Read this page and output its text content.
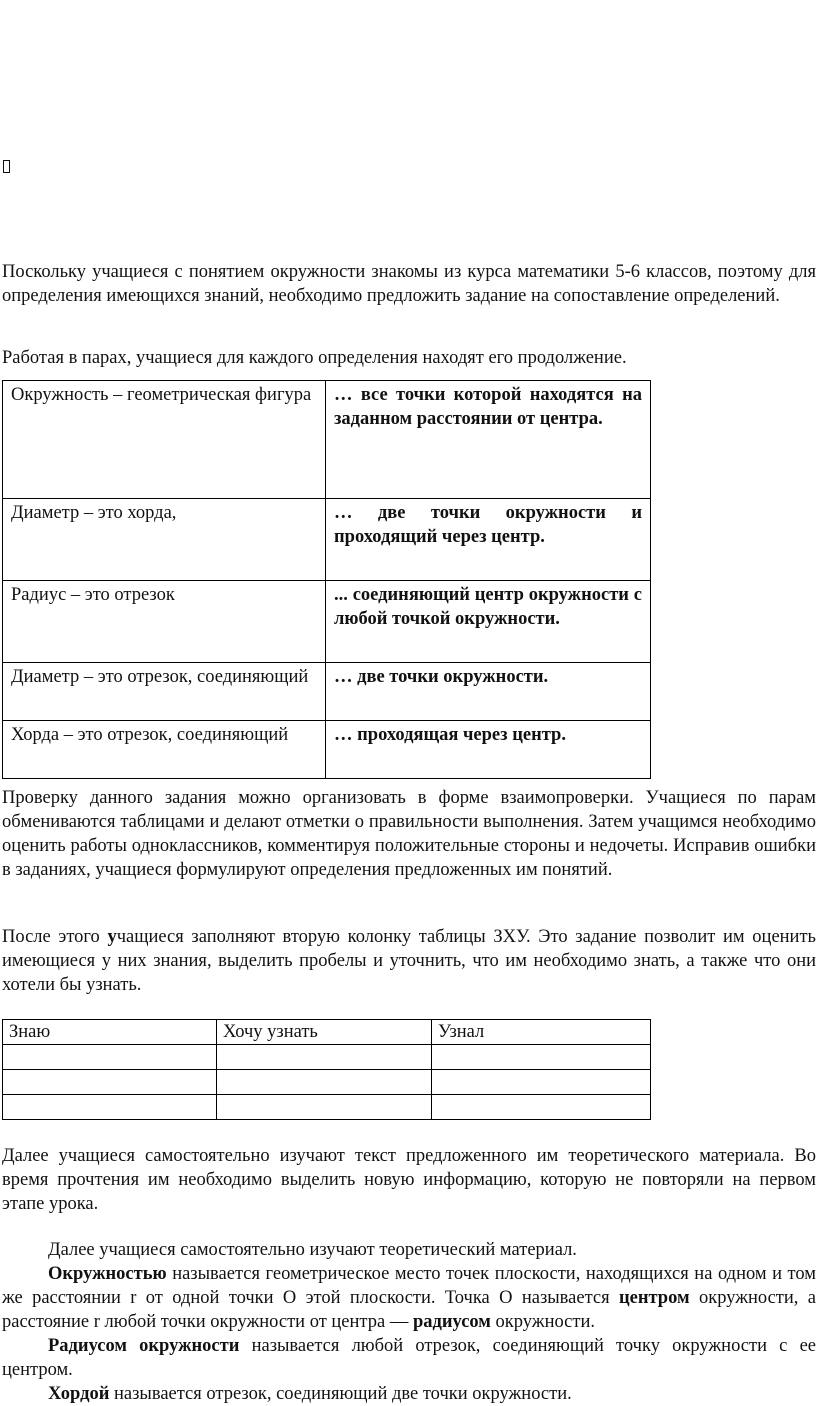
Поскольку учащиеся с понятием окружности знакомы из курса математики 5-6 классов, поэтому для определения имеющихся знаний, необходимо предложить задание на сопоставление определений.

Работая в парах, учащиеся для каждого определения находят его продолжение.

Окружность – геометрическая фигура	… все точки которой находятся на заданном расстоянии от центра.
Диаметр – это хорда,	… две точки окружности и проходящий через центр.
Радиус – это отрезок	... соединяющий центр окружности с любой точкой окружности.
Диаметр – это отрезок, соединяющий	… две точки окружности.
Хорда – это отрезок, соединяющий	… проходящая через центр.

Проверку данного задания можно организовать в форме взаимопроверки. Учащиеся по парам обмениваются таблицами и делают отметки о правильности выполнения. Затем учащимся необходимо оценить работы одноклассников, комментируя положительные стороны и недочеты. Исправив ошибки в заданиях, учащиеся формулируют определения предложенных им понятий.

После этого учащиеся заполняют вторую колонку таблицы ЗХУ. Это задание позволит им оценить имеющиеся у них знания, выделить пробелы и уточнить, что им необходимо знать, а также что они хотели бы узнать.

Знаю	Хочу узнать	Узнал

Далее учащиеся самостоятельно изучают текст предложенного им теоретического материала. Во время прочтения им необходимо выделить новую информацию, которую не повторяли на первом этапе урока.

Далее учащиеся самостоятельно изучают теоретический материал.

Окружностью называется геометрическое место точек плоскости, находящихся на одном и том же расстоянии r от одной точки O этой плоскости. Точка O называется центром окружности, а расстояние r любой точки окружности от центра — радиусом окружности.

Радиусом окружности называется любой отрезок, соединяющий точку окружности с ее центром.

Хордой называется отрезок, соединяющий две точки окружности.
